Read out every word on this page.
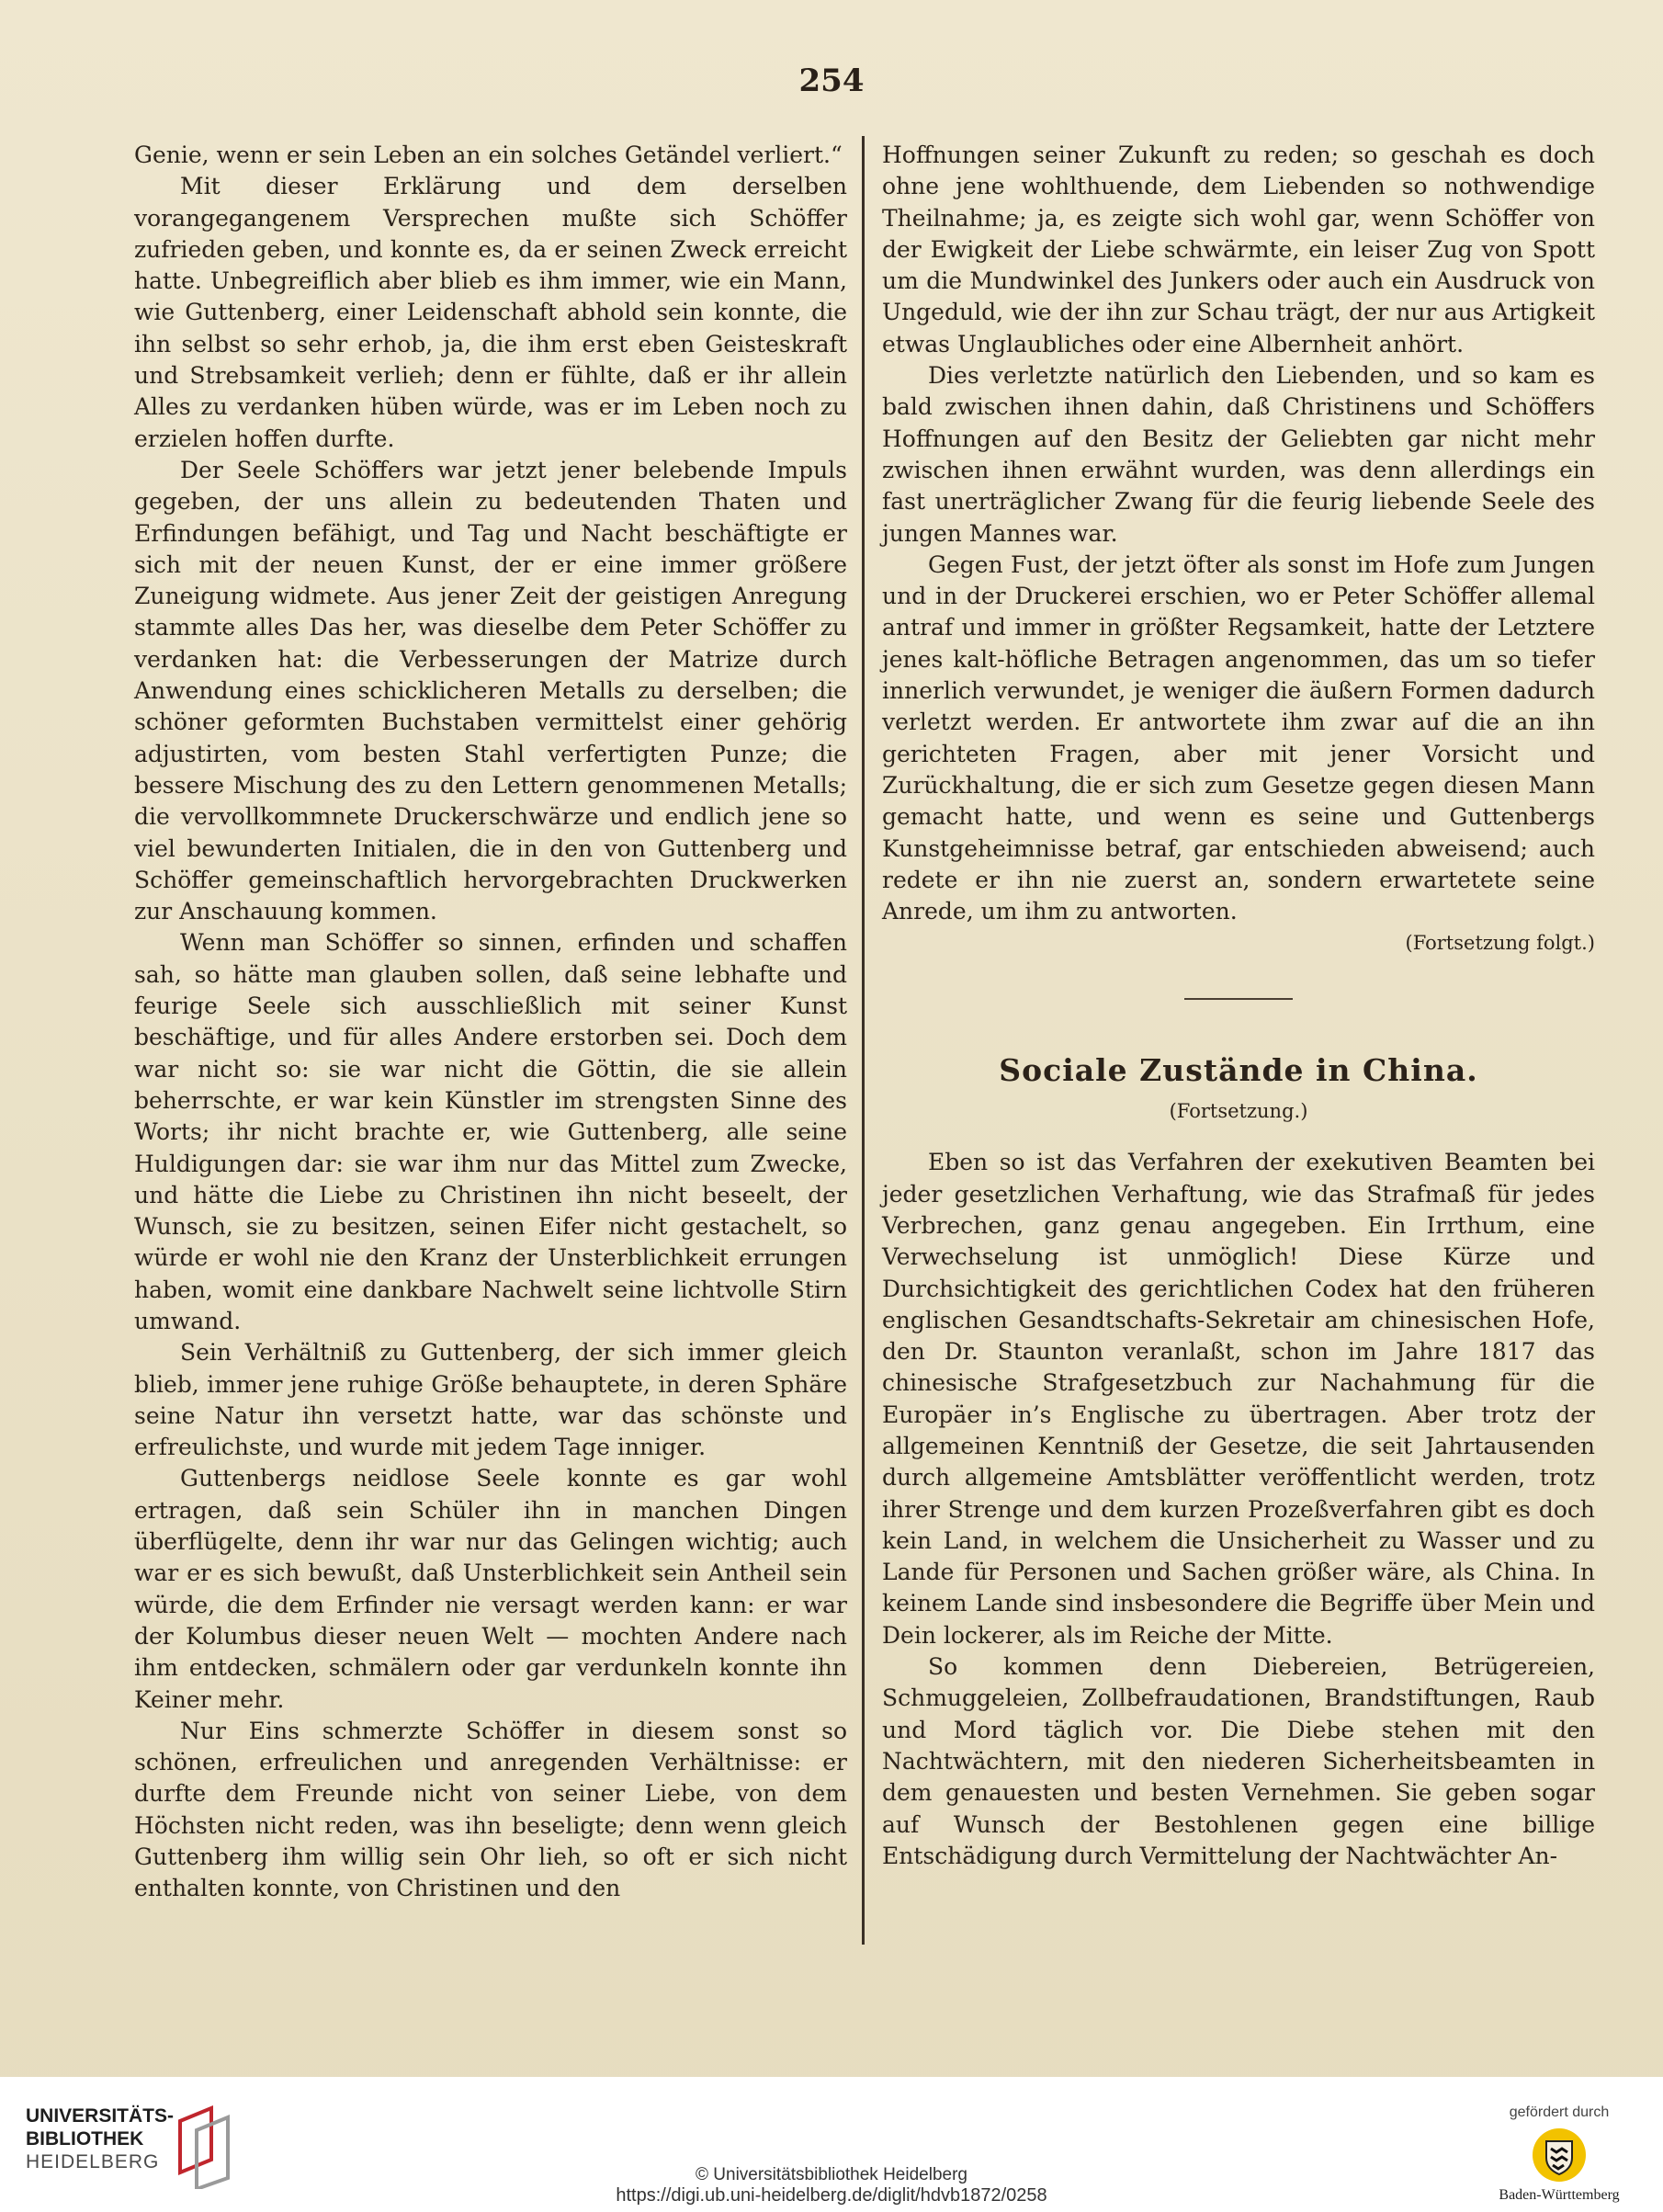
254

Genie, wenn er sein Leben an ein solches Getändel verliert.“

Mit dieser Erklärung und dem derselben vorangegangenem Versprechen mußte sich Schöffer zufrieden geben, und konnte es, da er seinen Zweck erreicht hatte. Unbegreiflich aber blieb es ihm immer, wie ein Mann, wie Guttenberg, einer Leidenschaft abhold sein konnte, die ihn selbst so sehr erhob, ja, die ihm erst eben Geisteskraft und Strebsamkeit verlieh; denn er fühlte, daß er ihr allein Alles zu verdanken hüben würde, was er im Leben noch zu erzielen hoffen durfte.

Der Seele Schöffers war jetzt jener belebende Impuls gegeben, der uns allein zu bedeutenden Thaten und Erfindungen befähigt, und Tag und Nacht beschäftigte er sich mit der neuen Kunst, der er eine immer größere Zuneigung widmete. Aus jener Zeit der geistigen Anregung stammte alles Das her, was dieselbe dem Peter Schöffer zu verdanken hat: die Verbesserungen der Matrize durch Anwendung eines schicklicheren Metalls zu derselben; die schöner geformten Buchstaben vermittelst einer gehörig adjustirten, vom besten Stahl verfertigten Punze; die bessere Mischung des zu den Lettern genommenen Metalls; die vervollkommnete Druckerschwärze und endlich jene so viel bewunderten Initialen, die in den von Guttenberg und Schöffer gemeinschaftlich hervorgebrachten Druckwerken zur Anschauung kommen.

Wenn man Schöffer so sinnen, erfinden und schaffen sah, so hätte man glauben sollen, daß seine lebhafte und feurige Seele sich ausschließlich mit seiner Kunst beschäftige, und für alles Andere erstorben sei. Doch dem war nicht so: sie war nicht die Göttin, die sie allein beherrschte, er war kein Künstler im strengsten Sinne des Worts; ihr nicht brachte er, wie Guttenberg, alle seine Huldigungen dar: sie war ihm nur das Mittel zum Zwecke, und hätte die Liebe zu Christinen ihn nicht beseelt, der Wunsch, sie zu besitzen, seinen Eifer nicht gestachelt, so würde er wohl nie den Kranz der Unsterblichkeit errungen haben, womit eine dankbare Nachwelt seine lichtvolle Stirn umwand.

Sein Verhältniß zu Guttenberg, der sich immer gleich blieb, immer jene ruhige Größe behauptete, in deren Sphäre seine Natur ihn versetzt hatte, war das schönste und erfreulichste, und wurde mit jedem Tage inniger.

Guttenbergs neidlose Seele konnte es gar wohl ertragen, daß sein Schüler ihn in manchen Dingen überflügelte, denn ihr war nur das Gelingen wichtig; auch war er es sich bewußt, daß Unsterblichkeit sein Antheil sein würde, die dem Erfinder nie versagt werden kann: er war der Kolumbus dieser neuen Welt — mochten Andere nach ihm entdecken, schmälern oder gar verdunkeln konnte ihn Keiner mehr.

Nur Eins schmerzte Schöffer in diesem sonst so schönen, erfreulichen und anregenden Verhältnisse: er durfte dem Freunde nicht von seiner Liebe, von dem Höchsten nicht reden, was ihn beseligte; denn wenn gleich Guttenberg ihm willig sein Ohr lieh, so oft er sich nicht enthalten konnte, von Christinen und den

Hoffnungen seiner Zukunft zu reden; so geschah es doch ohne jene wohlthuende, dem Liebenden so nothwendige Theilnahme; ja, es zeigte sich wohl gar, wenn Schöffer von der Ewigkeit der Liebe schwärmte, ein leiser Zug von Spott um die Mundwinkel des Junkers oder auch ein Ausdruck von Ungeduld, wie der ihn zur Schau trägt, der nur aus Artigkeit etwas Unglaubliches oder eine Albernheit anhört.

Dies verletzte natürlich den Liebenden, und so kam es bald zwischen ihnen dahin, daß Christinens und Schöffers Hoffnungen auf den Besitz der Geliebten gar nicht mehr zwischen ihnen erwähnt wurden, was denn allerdings ein fast unerträglicher Zwang für die feurig liebende Seele des jungen Mannes war.

Gegen Fust, der jetzt öfter als sonst im Hofe zum Jungen und in der Druckerei erschien, wo er Peter Schöffer allemal antraf und immer in größter Regsamkeit, hatte der Letztere jenes kalt-höfliche Betragen angenommen, das um so tiefer innerlich verwundet, je weniger die äußern Formen dadurch verletzt werden. Er antwortete ihm zwar auf die an ihn gerichteten Fragen, aber mit jener Vorsicht und Zurückhaltung, die er sich zum Gesetze gegen diesen Mann gemacht hatte, und wenn es seine und Guttenbergs Kunstgeheimnisse betraf, gar entschieden abweisend; auch redete er ihn nie zuerst an, sondern erwartetete seine Anrede, um ihm zu antworten.

(Fortsetzung folgt.)

Sociale Zustände in China.
(Fortsetzung.)

Eben so ist das Verfahren der exekutiven Beamten bei jeder gesetzlichen Verhaftung, wie das Strafmaß für jedes Verbrechen, ganz genau angegeben. Ein Irrthum, eine Verwechselung ist unmöglich! Diese Kürze und Durchsichtigkeit des gerichtlichen Codex hat den früheren englischen Gesandtschafts-Sekretair am chinesischen Hofe, den Dr. Staunton veranlaßt, schon im Jahre 1817 das chinesische Strafgesetzbuch zur Nachahmung für die Europäer in’s Englische zu übertragen. Aber trotz der allgemeinen Kenntniß der Gesetze, die seit Jahrtausenden durch allgemeine Amtsblätter veröffentlicht werden, trotz ihrer Strenge und dem kurzen Prozeßverfahren gibt es doch kein Land, in welchem die Unsicherheit zu Wasser und zu Lande für Personen und Sachen größer wäre, als China. In keinem Lande sind insbesondere die Begriffe über Mein und Dein lockerer, als im Reiche der Mitte.

So kommen denn Diebereien, Betrügereien, Schmuggeleien, Zollbefraudationen, Brandstiftungen, Raub und Mord täglich vor. Die Diebe stehen mit den Nachtwächtern, mit den niederen Sicherheitsbeamten in dem genauesten und besten Vernehmen. Sie geben sogar auf Wunsch der Bestohlenen gegen eine billige Entschädigung durch Vermittelung der Nachtwächter An-

UNIVERSITÄTS-
BIBLIOTHEK
HEIDELBERG
© Universitätsbibliothek Heidelberg
https://digi.ub.uni-heidelberg.de/diglit/hdvb1872/0258
gefördert durch
Baden-Württemberg
